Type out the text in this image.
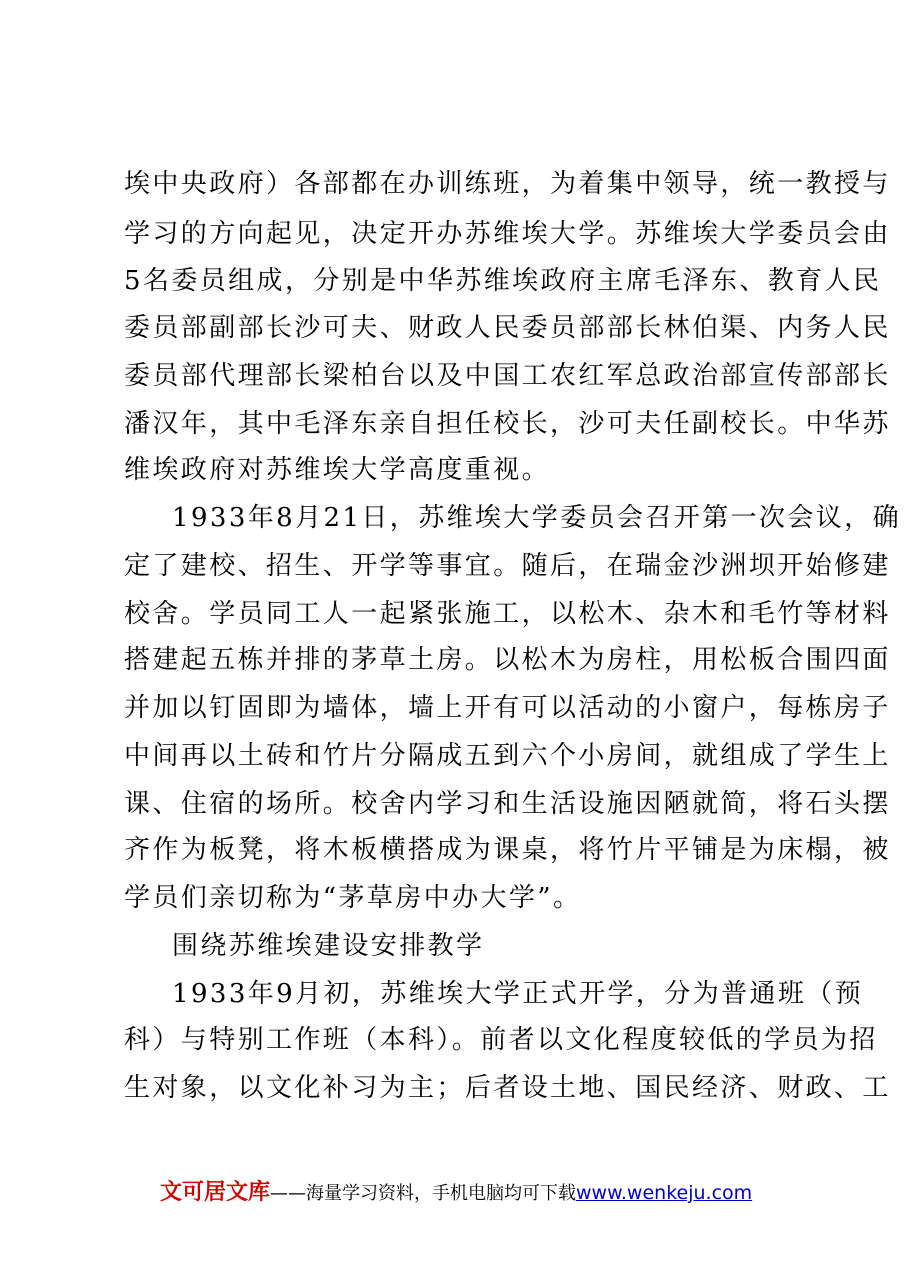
埃中央政府）各部都在办训练班，为着集中领导，统一教授与
学习的方向起见，决定开办苏维埃大学。苏维埃大学委员会由
5名委员组成，分别是中华苏维埃政府主席毛泽东、教育人民
委员部副部长沙可夫、财政人民委员部部长林伯渠、内务人民
委员部代理部长梁柏台以及中国工农红军总政治部宣传部部长
潘汉年，其中毛泽东亲自担任校长，沙可夫任副校长。中华苏
维埃政府对苏维埃大学高度重视。
1933年8月21日，苏维埃大学委员会召开第一次会议，确
定了建校、招生、开学等事宜。随后，在瑞金沙洲坝开始修建
校舍。学员同工人一起紧张施工，以松木、杂木和毛竹等材料
搭建起五栋并排的茅草土房。以松木为房柱，用松板合围四面
并加以钉固即为墙体，墙上开有可以活动的小窗户，每栋房子
中间再以土砖和竹片分隔成五到六个小房间，就组成了学生上
课、住宿的场所。校舍内学习和生活设施因陋就简，将石头摆
齐作为板凳，将木板横搭成为课桌，将竹片平铺是为床榻，被
学员们亲切称为“茅草房中办大学”。
围绕苏维埃建设安排教学
1933年9月初，苏维埃大学正式开学，分为普通班（预
科）与特别工作班（本科）。前者以文化程度较低的学员为招
生对象，以文化补习为主；后者设土地、国民经济、财政、工
文可居文库——海量学习资料，手机电脑均可下载www.wenkeju.com
